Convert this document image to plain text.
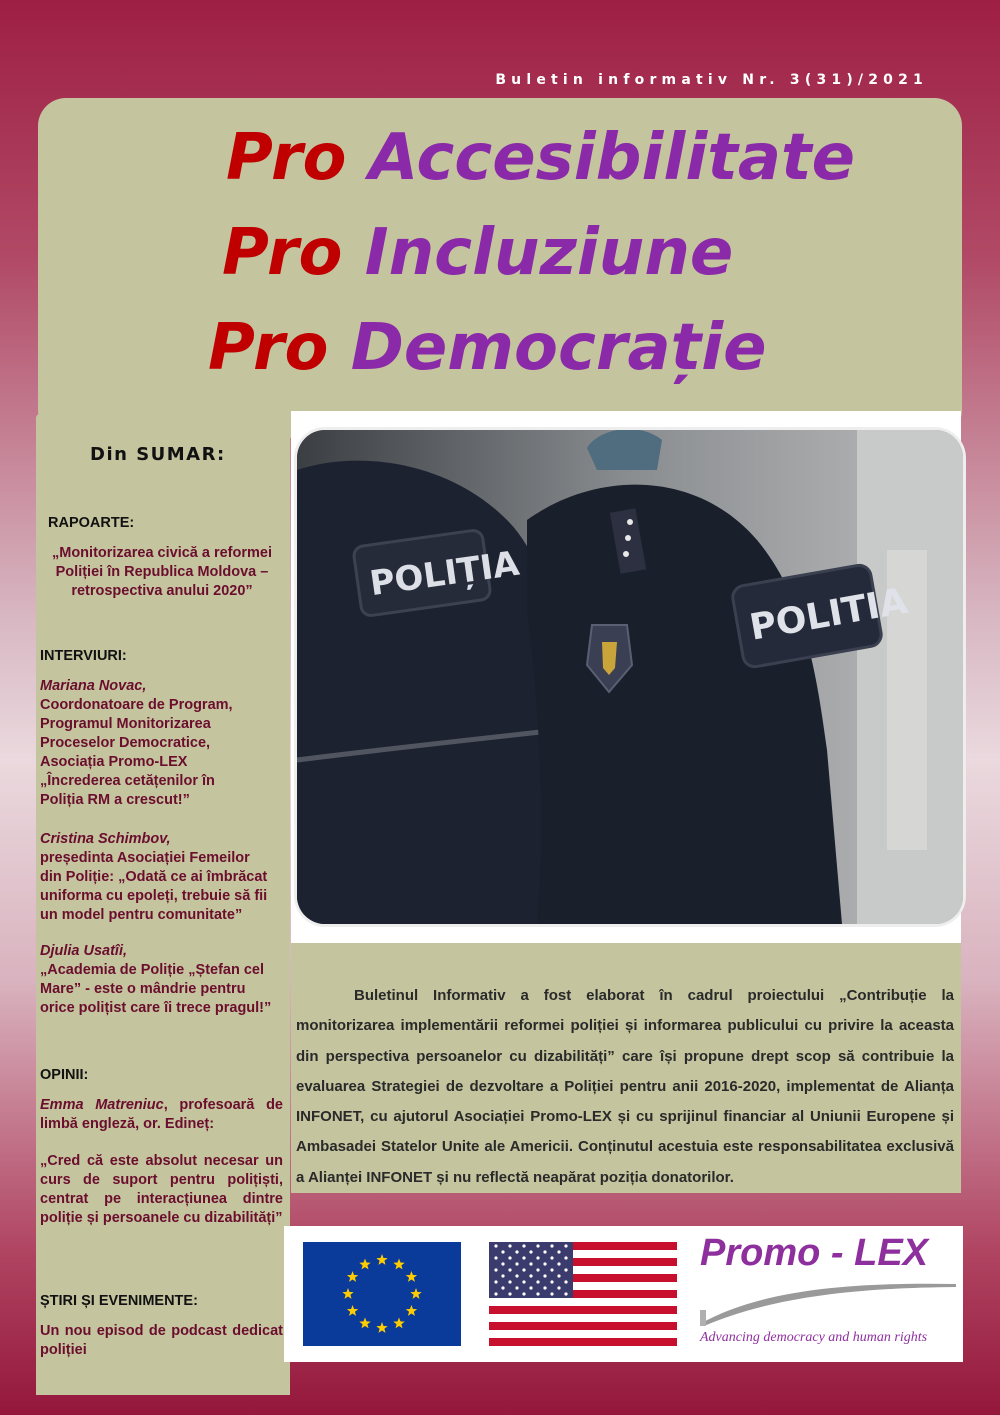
Buletin informativ Nr. 3(31)/2021
Pro Accesibilitate
Pro Incluziune
Pro Democrație
Din SUMAR:
RAPOARTE:
„Monitorizarea civică a reformei Poliției în Republica Moldova – retrospectiva anului 2020”
INTERVIURI:
Mariana Novac,
Coordonatoare de Program,
Programul Monitorizarea
Proceselor Democratice,
Asociația Promo-LEX
„Încrederea cetățenilor în
Poliția RM a crescut!”
Cristina Schimbov,
președinta Asociației Femeilor
din Poliție: „Odată ce ai îmbrăcat
uniforma cu epoleți, trebuie să fii
un model pentru comunitate”
Djulia Usatîi,
„Academia de Poliție „Ștefan cel
Mare” - este o mândrie pentru
orice polițist care îi trece pragul!”
OPINII:
Emma Matreniuc, profesoară de limbă engleză, or. Edineț:
„Cred că este absolut necesar un curs de suport pentru polițiști, centrat pe interacțiunea dintre poliție și persoanele cu dizabilități”
ȘTIRI ȘI EVENIMENTE:
Un nou episod de podcast dedicat poliției
POLIȚIA
POLITIA
Buletinul Informativ a fost elaborat în cadrul proiectului „Contribuție la monitorizarea implementării reformei poliției și informarea publicului cu privire la aceasta din perspectiva persoanelor cu dizabilități” care își propune drept scop să contribuie la evaluarea Strategiei de dezvoltare a Poliției pentru anii 2016-2020, implementat de Alianța INFONET, cu ajutorul Asociației Promo-LEX și cu sprijinul financiar al Uniunii Europene și Ambasadei Statelor Unite ale Americii. Conținutul acestuia este responsabilitatea exclusivă a Alianței INFONET și nu reflectă neapărat poziția donatorilor.
Promo - LEX
Advancing democracy and human rights
